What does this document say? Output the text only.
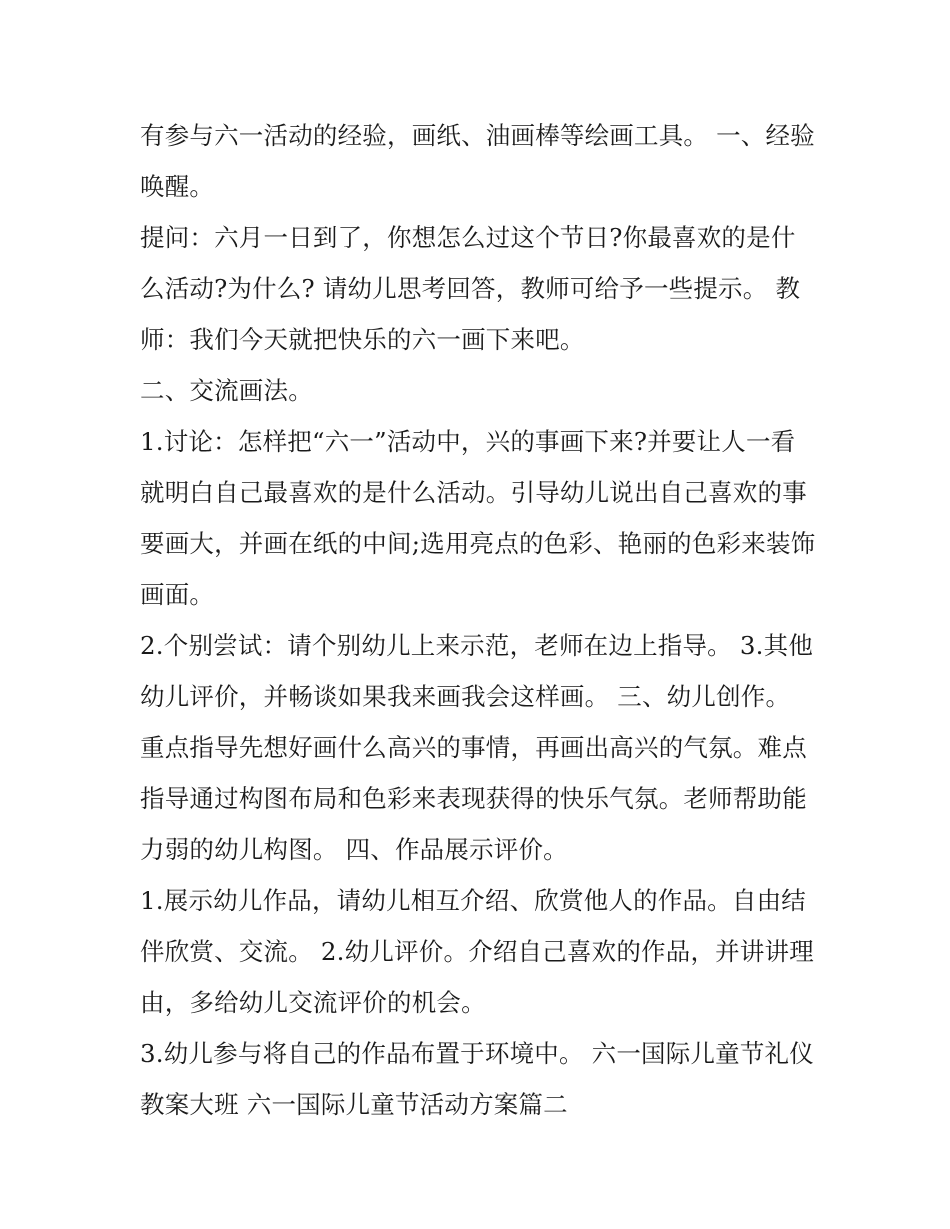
有参与六一活动的经验，画纸、油画棒等绘画工具。 一、经验唤醒。

提问：六月一日到了，你想怎么过这个节日?你最喜欢的是什么活动?为什么? 请幼儿思考回答，教师可给予一些提示。 教师：我们今天就把快乐的六一画下来吧。

二、交流画法。

1.讨论：怎样把“六一”活动中，兴的事画下来?并要让人一看就明白自己最喜欢的是什么活动。引导幼儿说出自己喜欢的事要画大，并画在纸的中间;选用亮点的色彩、艳丽的色彩来装饰画面。

2.个别尝试：请个别幼儿上来示范，老师在边上指导。 3.其他幼儿评价，并畅谈如果我来画我会这样画。 三、幼儿创作。 重点指导先想好画什么高兴的事情，再画出高兴的气氛。难点指导通过构图布局和色彩来表现获得的快乐气氛。老师帮助能力弱的幼儿构图。 四、作品展示评价。

1.展示幼儿作品，请幼儿相互介绍、欣赏他人的作品。自由结伴欣赏、交流。 2.幼儿评价。介绍自己喜欢的作品，并讲讲理由，多给幼儿交流评价的机会。

3.幼儿参与将自己的作品布置于环境中。 六一国际儿童节礼仪教案大班 六一国际儿童节活动方案篇二
